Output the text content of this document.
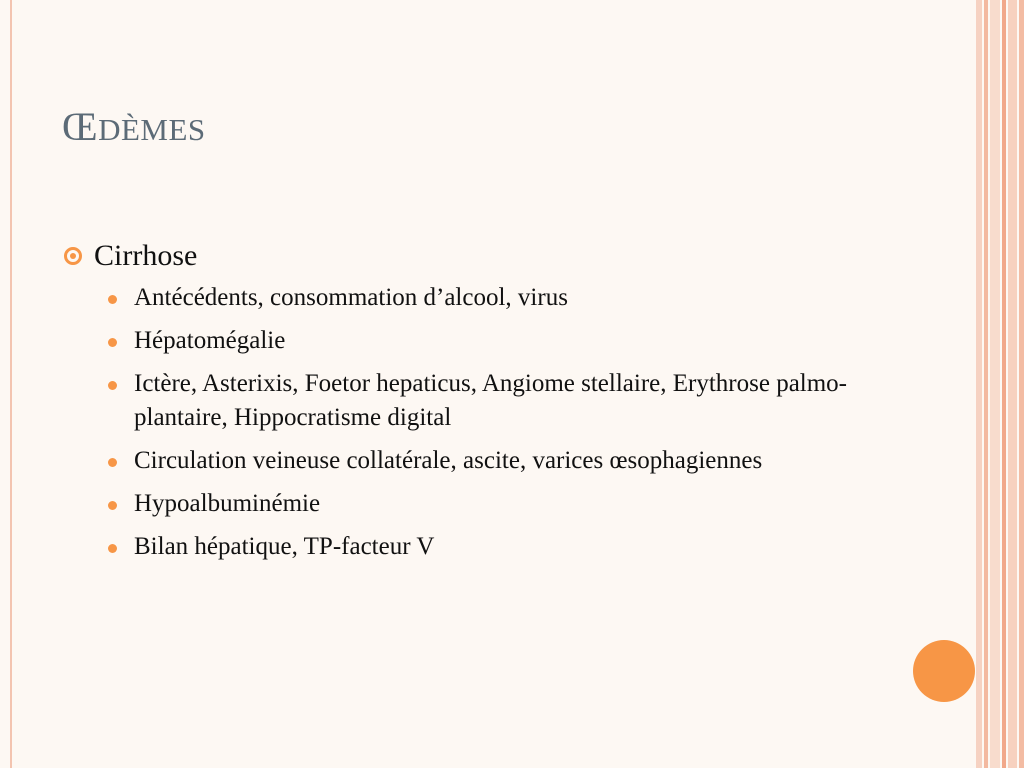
ŒDÈMES
Cirrhose
Antécédents, consommation d’alcool, virus
Hépatomégalie
Ictère, Asterixis, Foetor hepaticus, Angiome stellaire, Erythrose palmo-plantaire, Hippocratisme digital
Circulation veineuse collatérale, ascite, varices œsophagiennes
Hypoalbuminémie
Bilan hépatique, TP-facteur V
